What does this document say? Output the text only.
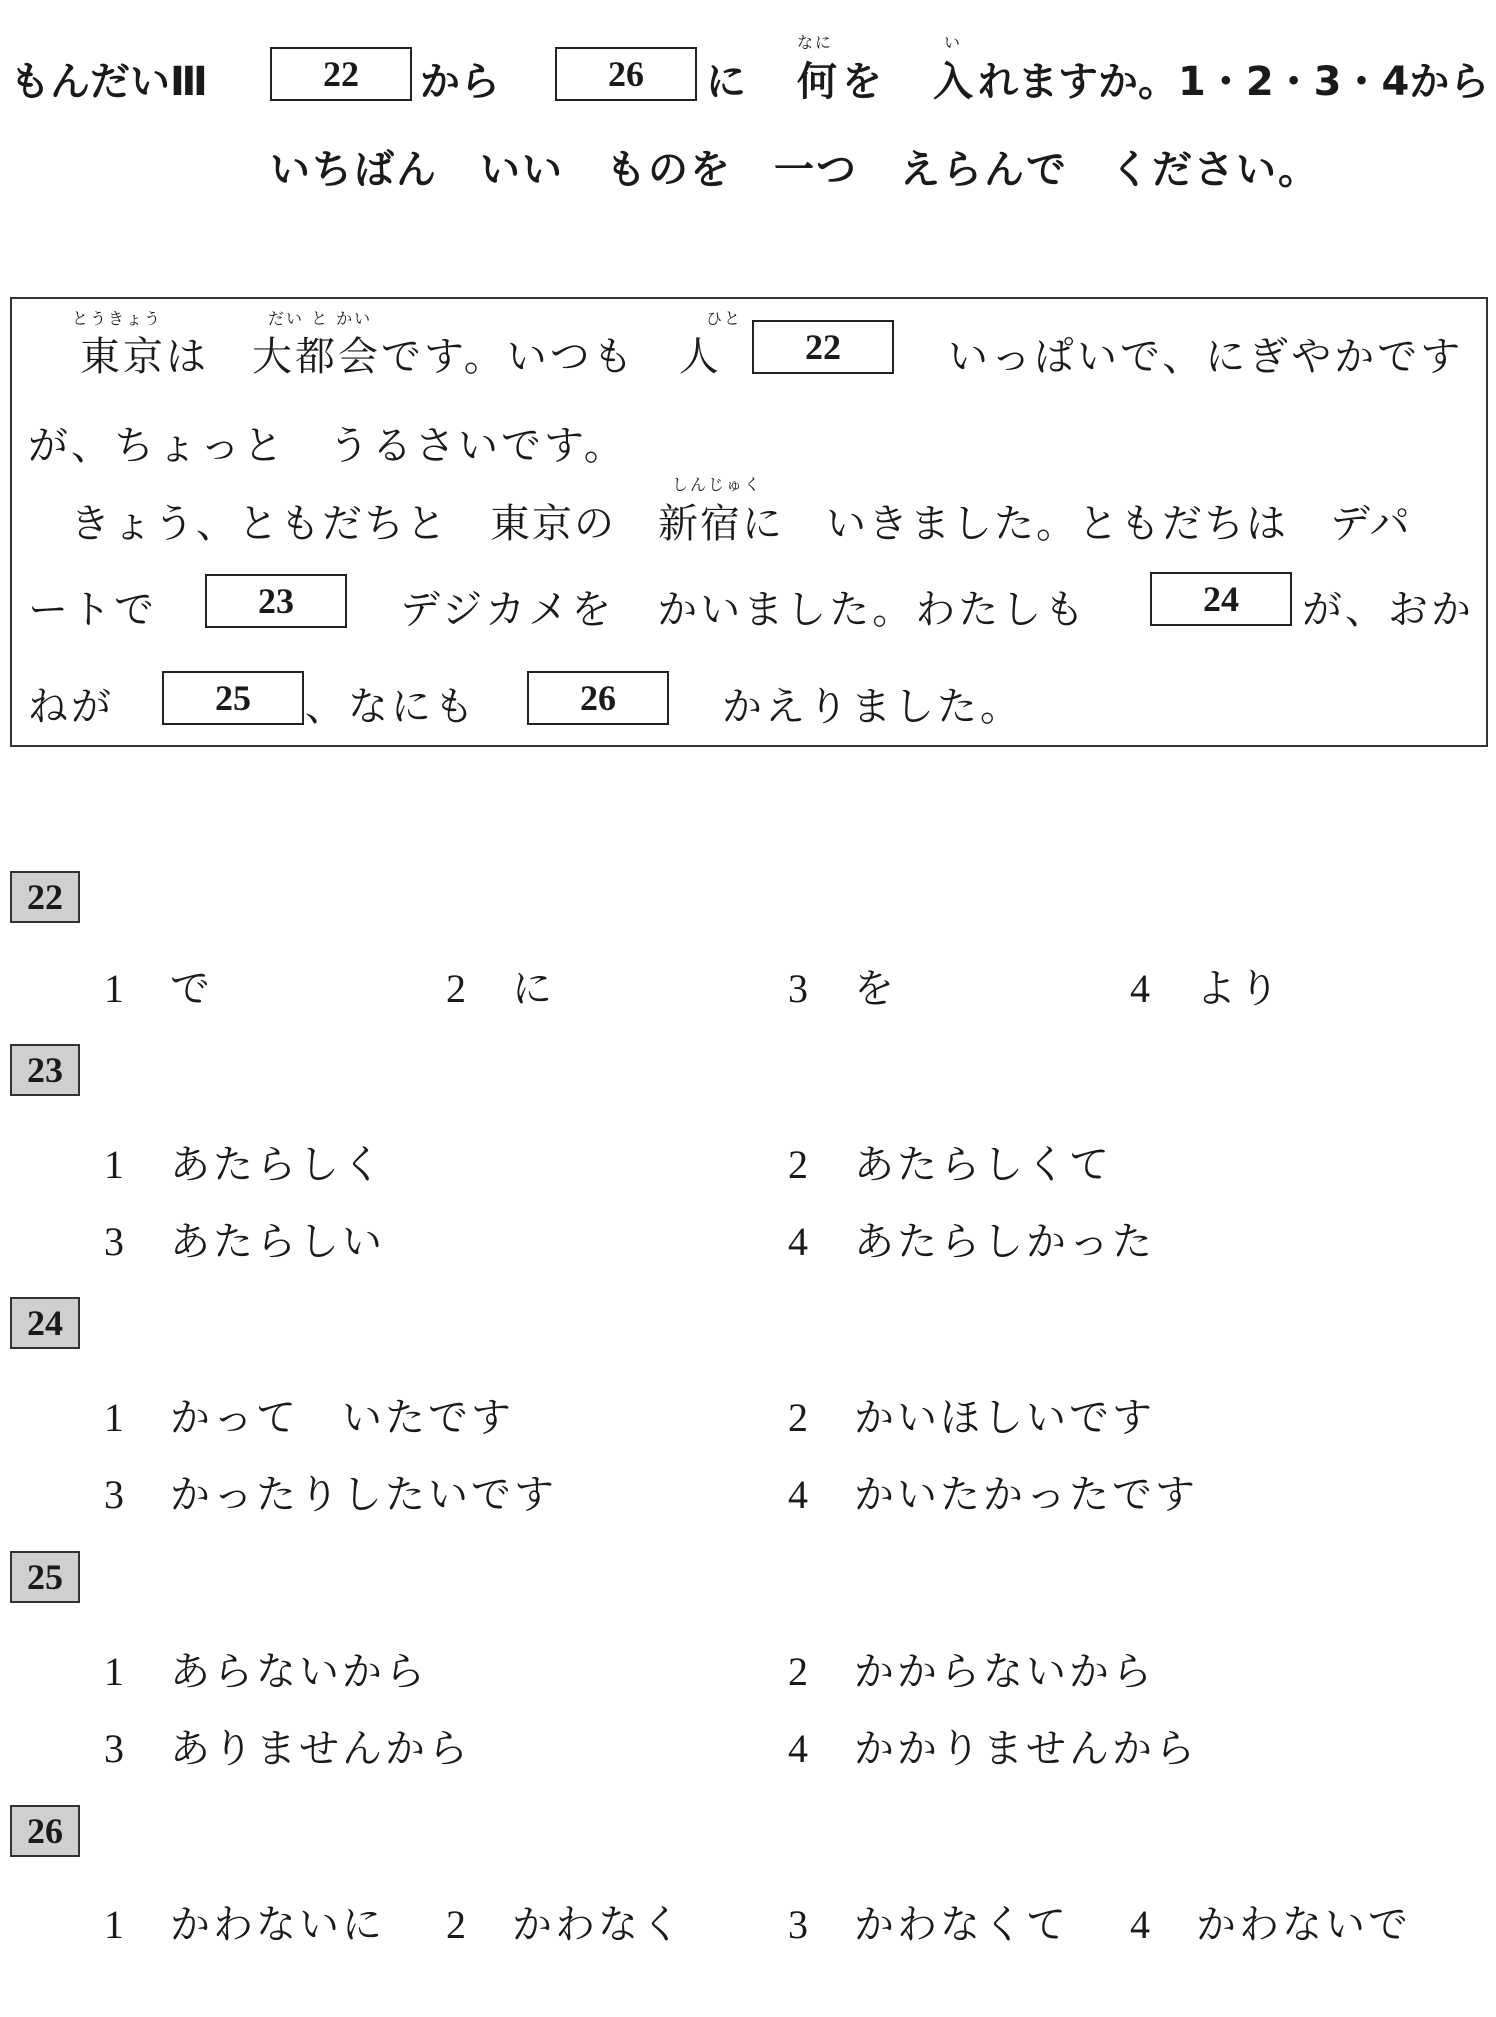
もんだいⅢ	22	から	26	に
なに
何 を
い
入 れますか。1・2・3・4から
いちばん　いい　ものを　一つ　えらんで　ください。
とうきょう	だい と かい	ひと
東京は　大都会です。いつも　人	22	いっぱいで、にぎやかです
が、ちょっと　うるさいです。
しんじゅく
きょう、ともだちと　東京の　新宿に　いきました。ともだちは　デパ
ートで	23	デジカメを　かいました。わたしも	24	が、おか
ねが	25	、なにも	26	かえりました。
22
1 で	2 に	3 を	4 より
23
1 あたらしく	2 あたらしくて
3 あたらしい	4 あたらしかった
24
1 かって　いたです	2 かいほしいです
3 かったりしたいです	4 かいたかったです
25
1 あらないから	2 かからないから
3 ありませんから	4 かかりませんから
26
1 かわないに 2 かわなく	3 かわなくて 4 かわないで
